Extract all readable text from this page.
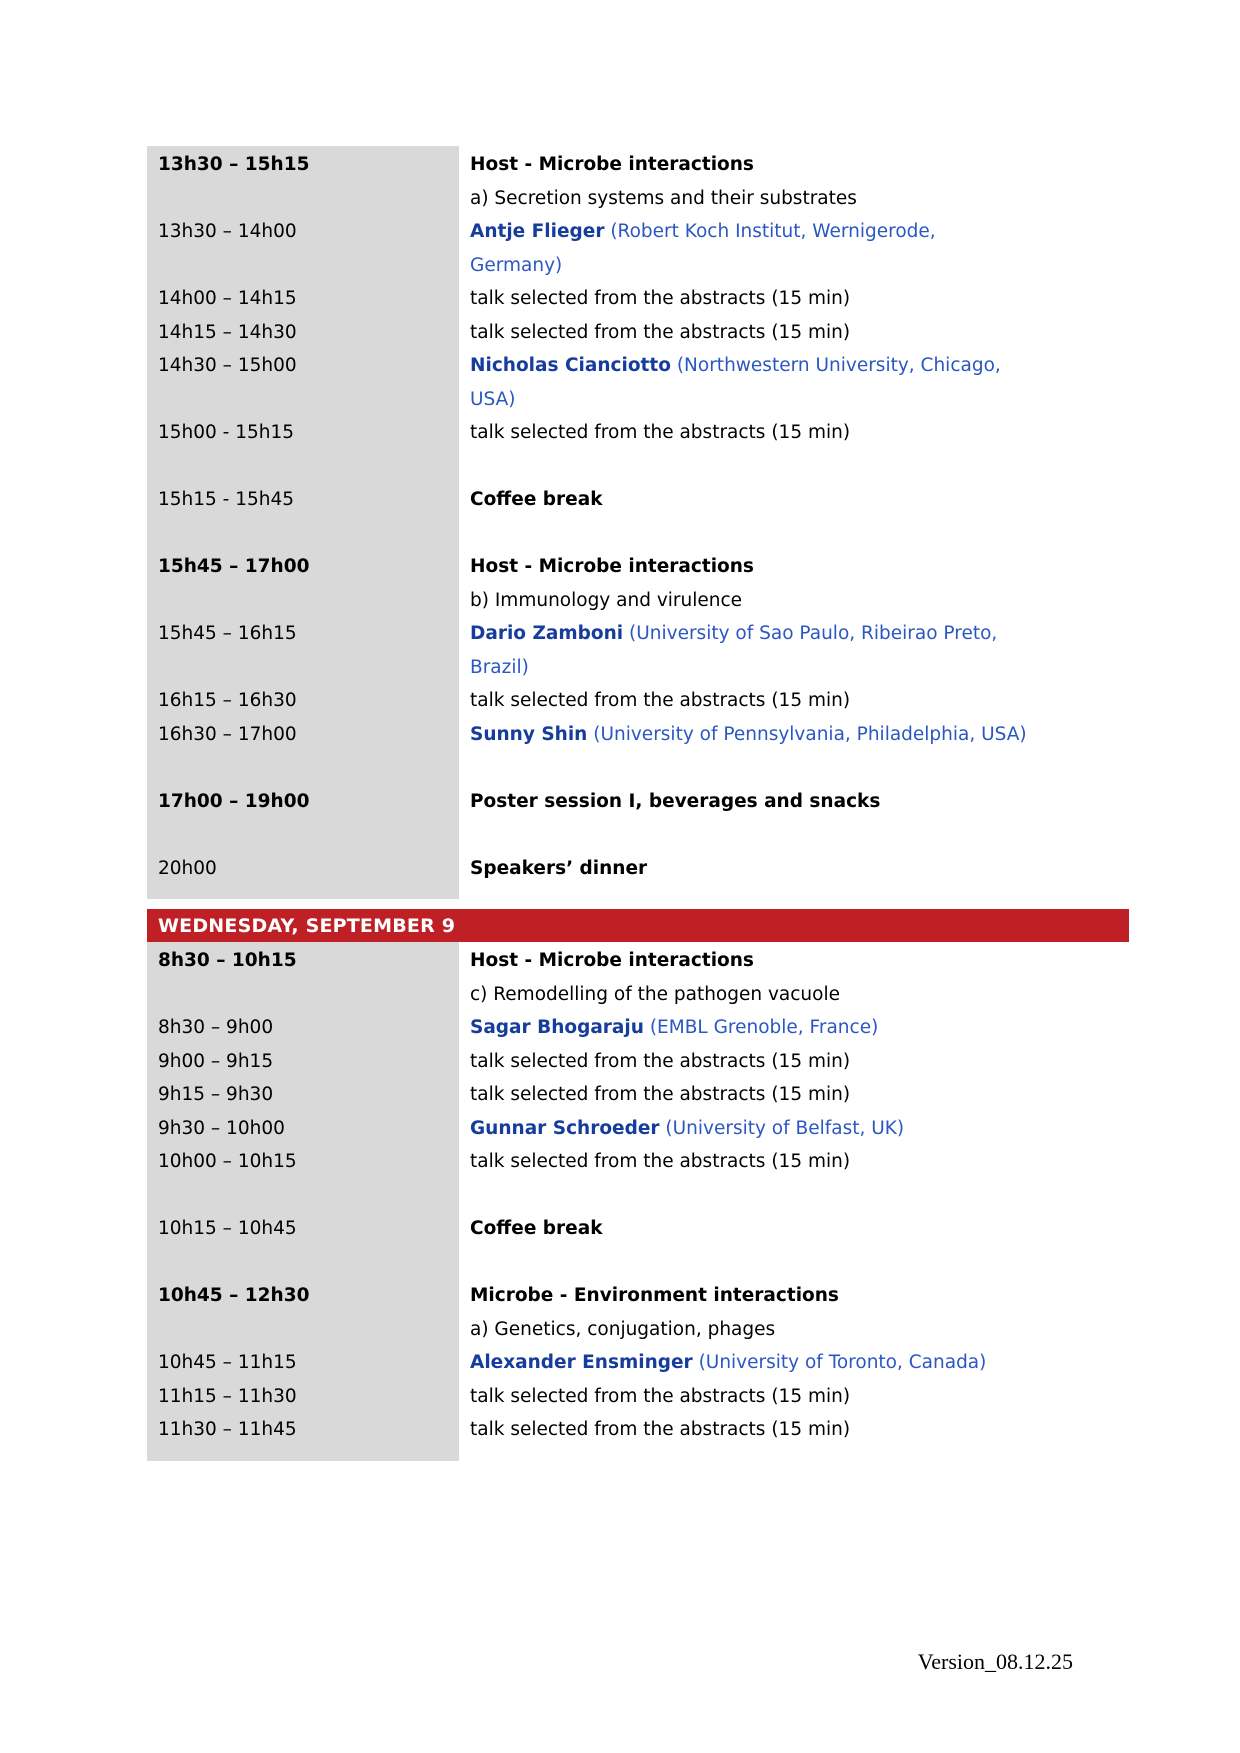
13h30 – 15h15	Host - Microbe interactions
a) Secretion systems and their substrates
13h30 – 14h00	Antje Flieger (Robert Koch Institut, Wernigerode,
Germany)
14h00 – 14h15	talk selected from the abstracts (15 min)
14h15 – 14h30	talk selected from the abstracts (15 min)
14h30 – 15h00	Nicholas Cianciotto (Northwestern University, Chicago,
USA)
15h00 - 15h15	talk selected from the abstracts (15 min)
15h15 - 15h45	Coffee break
15h45 – 17h00	Host - Microbe interactions
b) Immunology and virulence
15h45 – 16h15	Dario Zamboni (University of Sao Paulo, Ribeirao Preto,
Brazil)
16h15 – 16h30	talk selected from the abstracts (15 min)
16h30 – 17h00	Sunny Shin (University of Pennsylvania, Philadelphia, USA)
17h00 – 19h00	Poster session I, beverages and snacks
20h00	Speakers’ dinner
WEDNESDAY, SEPTEMBER 9
8h30 – 10h15	Host - Microbe interactions
c) Remodelling of the pathogen vacuole
8h30 – 9h00	Sagar Bhogaraju (EMBL Grenoble, France)
9h00 – 9h15	talk selected from the abstracts (15 min)
9h15 – 9h30	talk selected from the abstracts (15 min)
9h30 – 10h00	Gunnar Schroeder (University of Belfast, UK)
10h00 – 10h15	talk selected from the abstracts (15 min)
10h15 – 10h45	Coffee break
10h45 – 12h30	Microbe - Environment interactions
a) Genetics, conjugation, phages
10h45 – 11h15	Alexander Ensminger (University of Toronto, Canada)
11h15 – 11h30	talk selected from the abstracts (15 min)
11h30 – 11h45	talk selected from the abstracts (15 min)
Version_08.12.25
